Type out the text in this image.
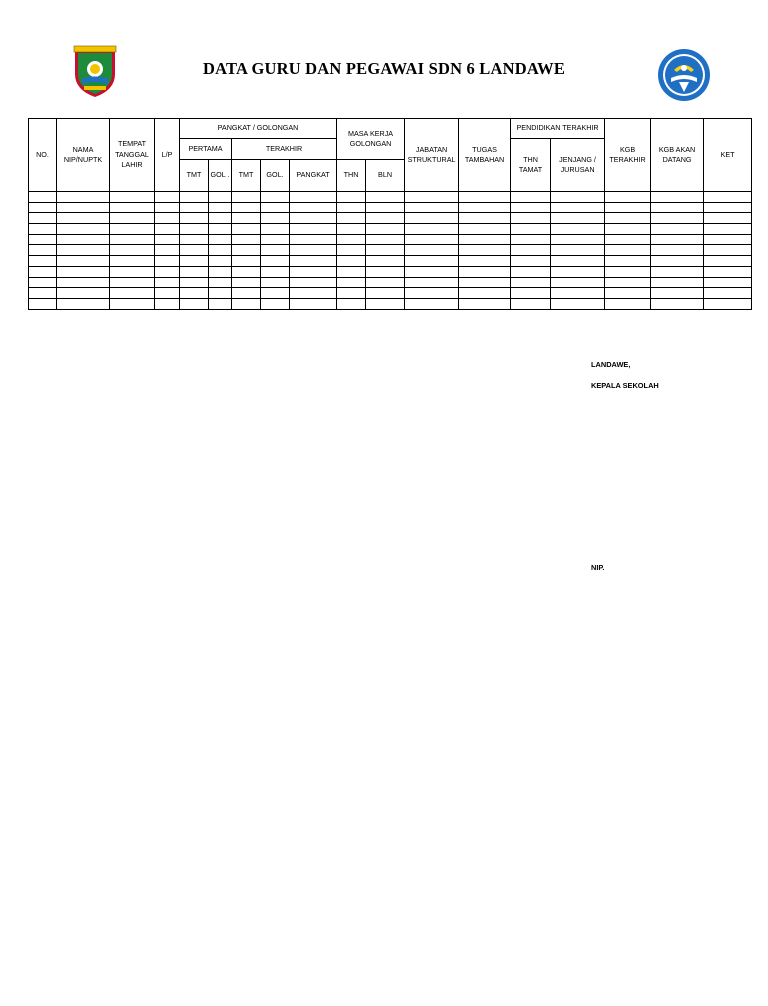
DATA GURU DAN PEGAWAI SDN 6 LANDAWE
NO.	NAMA NIP/NUPTK	TEMPAT TANGGAL LAHIR	L/P	PANGKAT / GOLONGAN					MASA KERJA GOLONGAN		JABATAN STRUKTURAL	TUGAS TAMBAHAN	PENDIDIKAN TERAKHIR		KGB TERAKHIR	KGB AKAN DATANG	KET
				PERTAMA		TERAKHIR							THN TAMAT	JENJANG / JURUSAN			
				TMT	GOL .	TMT	GOL.	PANGKAT	THN	BLN							

LANDAWE,
KEPALA SEKOLAH
NIP.
